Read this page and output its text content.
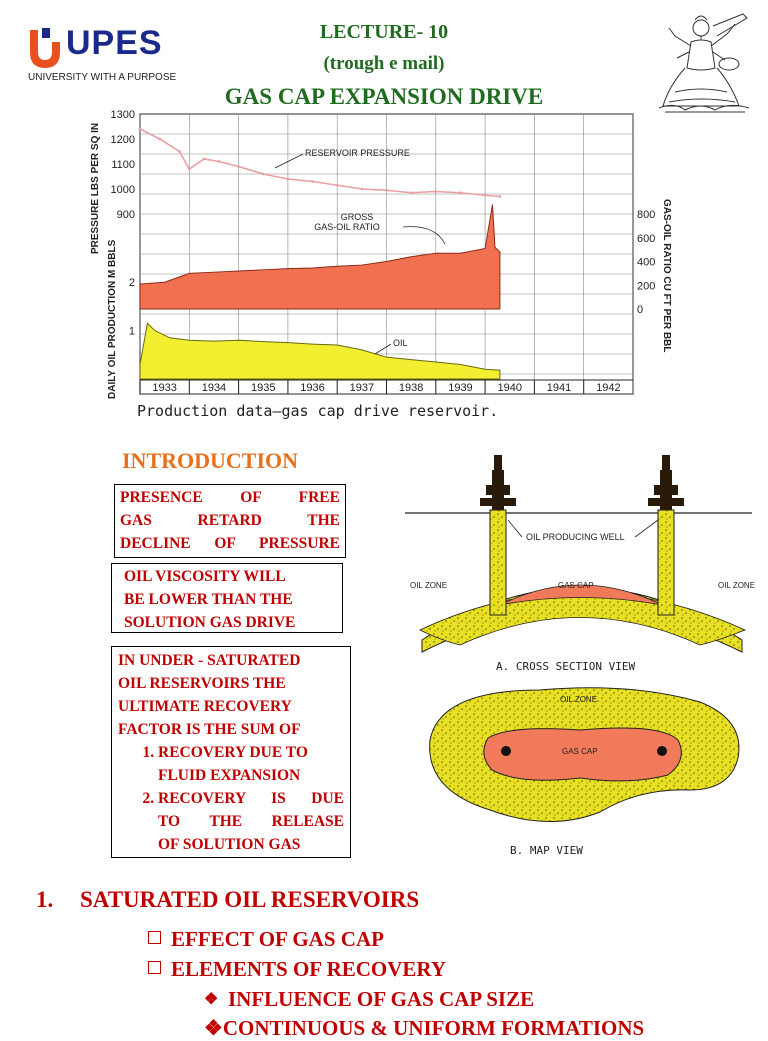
UPES
UNIVERSITY WITH A PURPOSE
LECTURE- 10
(trough e mail)
GAS CAP EXPANSION DRIVE
1933 1934 1935 1936 1937 1938 1939 1940 1941 1942
1300
1200
1100
1000
900
2
1
800
600
400
200
0
PRESSURE LBS PER SQ IN
DAILY OIL PRODUCTION M BBLS	GAS-OIL RATIO CU FT PER BBL
RESERVOIR PRESSURE
GROSS GAS-OIL RATIO
OIL
Production data–gas cap drive reservoir.
INTRODUCTION
PRESENCE OF FREE
GAS RETARD THE
DECLINE OF PRESSURE
OIL VISCOSITY WILL
BE LOWER THAN THE
SOLUTION GAS DRIVE
IN UNDER - SATURATED
OIL RESERVOIRS THE
ULTIMATE RECOVERY
FACTOR IS THE SUM OF
1. RECOVERY DUE TO
FLUID EXPANSION
2. RECOVERY IS DUE
TO THE RELEASE
OF SOLUTION GAS
OIL PRODUCING WELL
GAS CAP
OIL ZONE	OIL ZONE
A. CROSS SECTION VIEW
OIL ZONE
GAS CAP
B. MAP VIEW
1. SATURATED OIL RESERVOIRS
EFFECT OF GAS CAP
ELEMENTS OF RECOVERY
❖ INFLUENCE OF GAS CAP SIZE
❖CONTINUOUS & UNIFORM FORMATIONS
